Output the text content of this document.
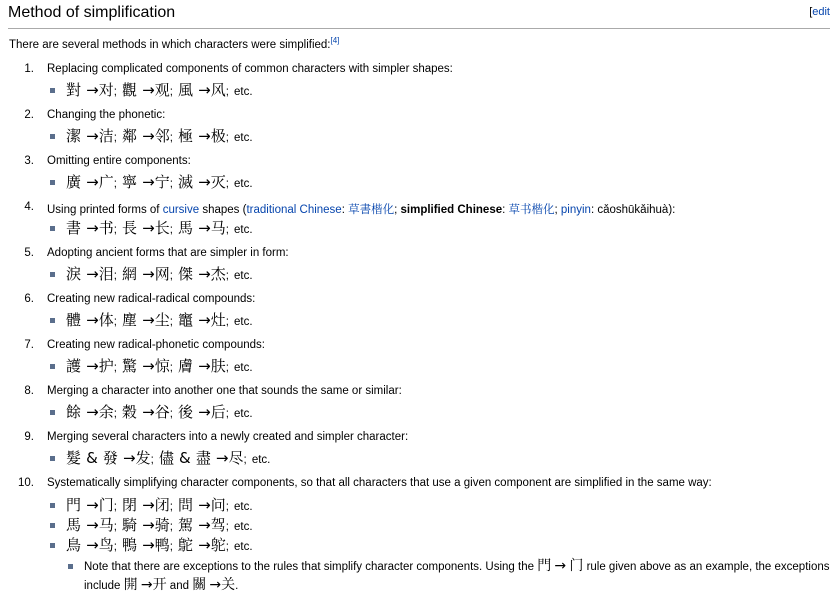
Method of simplification	[edit
There are several methods in which characters were simplified:[4]
1. Replacing complicated components of common characters with simpler shapes:
對 →对; 觀 →观; 風 →风; etc.
2. Changing the phonetic:
潔 →洁; 鄰 →邻; 極 →极; etc.
3. Omitting entire components:
廣 →广; 寧 →宁; 滅 →灭; etc.
4. Using printed forms of cursive shapes (traditional Chinese: 草書楷化; simplified Chinese: 草书楷化; pinyin: cǎoshūkǎihuà):
書 →书; 長 →长; 馬 →马; etc.
5. Adopting ancient forms that are simpler in form:
淚 →泪; 網 →网; 傑 →杰; etc.
6. Creating new radical-radical compounds:
體 →体; 塵 →尘; 竈 →灶; etc.
7. Creating new radical-phonetic compounds:
護 →护; 驚 →惊; 膚 →肤; etc.
8. Merging a character into another one that sounds the same or similar:
餘 →余; 穀 →谷; 後 →后; etc.
9. Merging several characters into a newly created and simpler character:
髮 & 發 →发; 儘 & 盡 →尽; etc.
10. Systematically simplifying character components, so that all characters that use a given component are simplified in the same way:
門 →门; 閉 →闭; 問 →问; etc.
馬 →马; 騎 →骑; 駕 →驾; etc.
鳥 →鸟; 鴨 →鸭; 鴕 →鸵; etc.
Note that there are exceptions to the rules that simplify character components. Using the 門 → 门 rule given above as an example, the exceptions include 開 →开 and 關 →关.
